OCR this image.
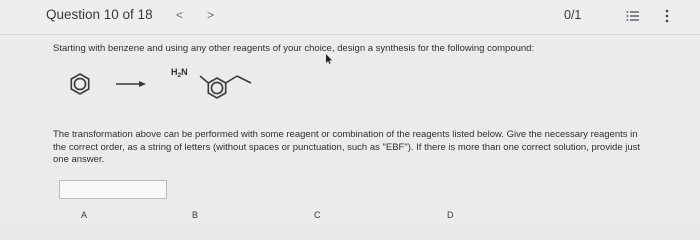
Question 10 of 18 < >	0/1
Starting with benzene and using any other reagents of your choice, design a synthesis for the following compound:
$H_2N$
The transformation above can be performed with some reagent or combination of the reagents listed below. Give the necessary reagents in the correct order, as a string of letters (without spaces or punctuation, such as "EBF"). If there is more than one correct solution, provide just one answer.
A	B	C	D
